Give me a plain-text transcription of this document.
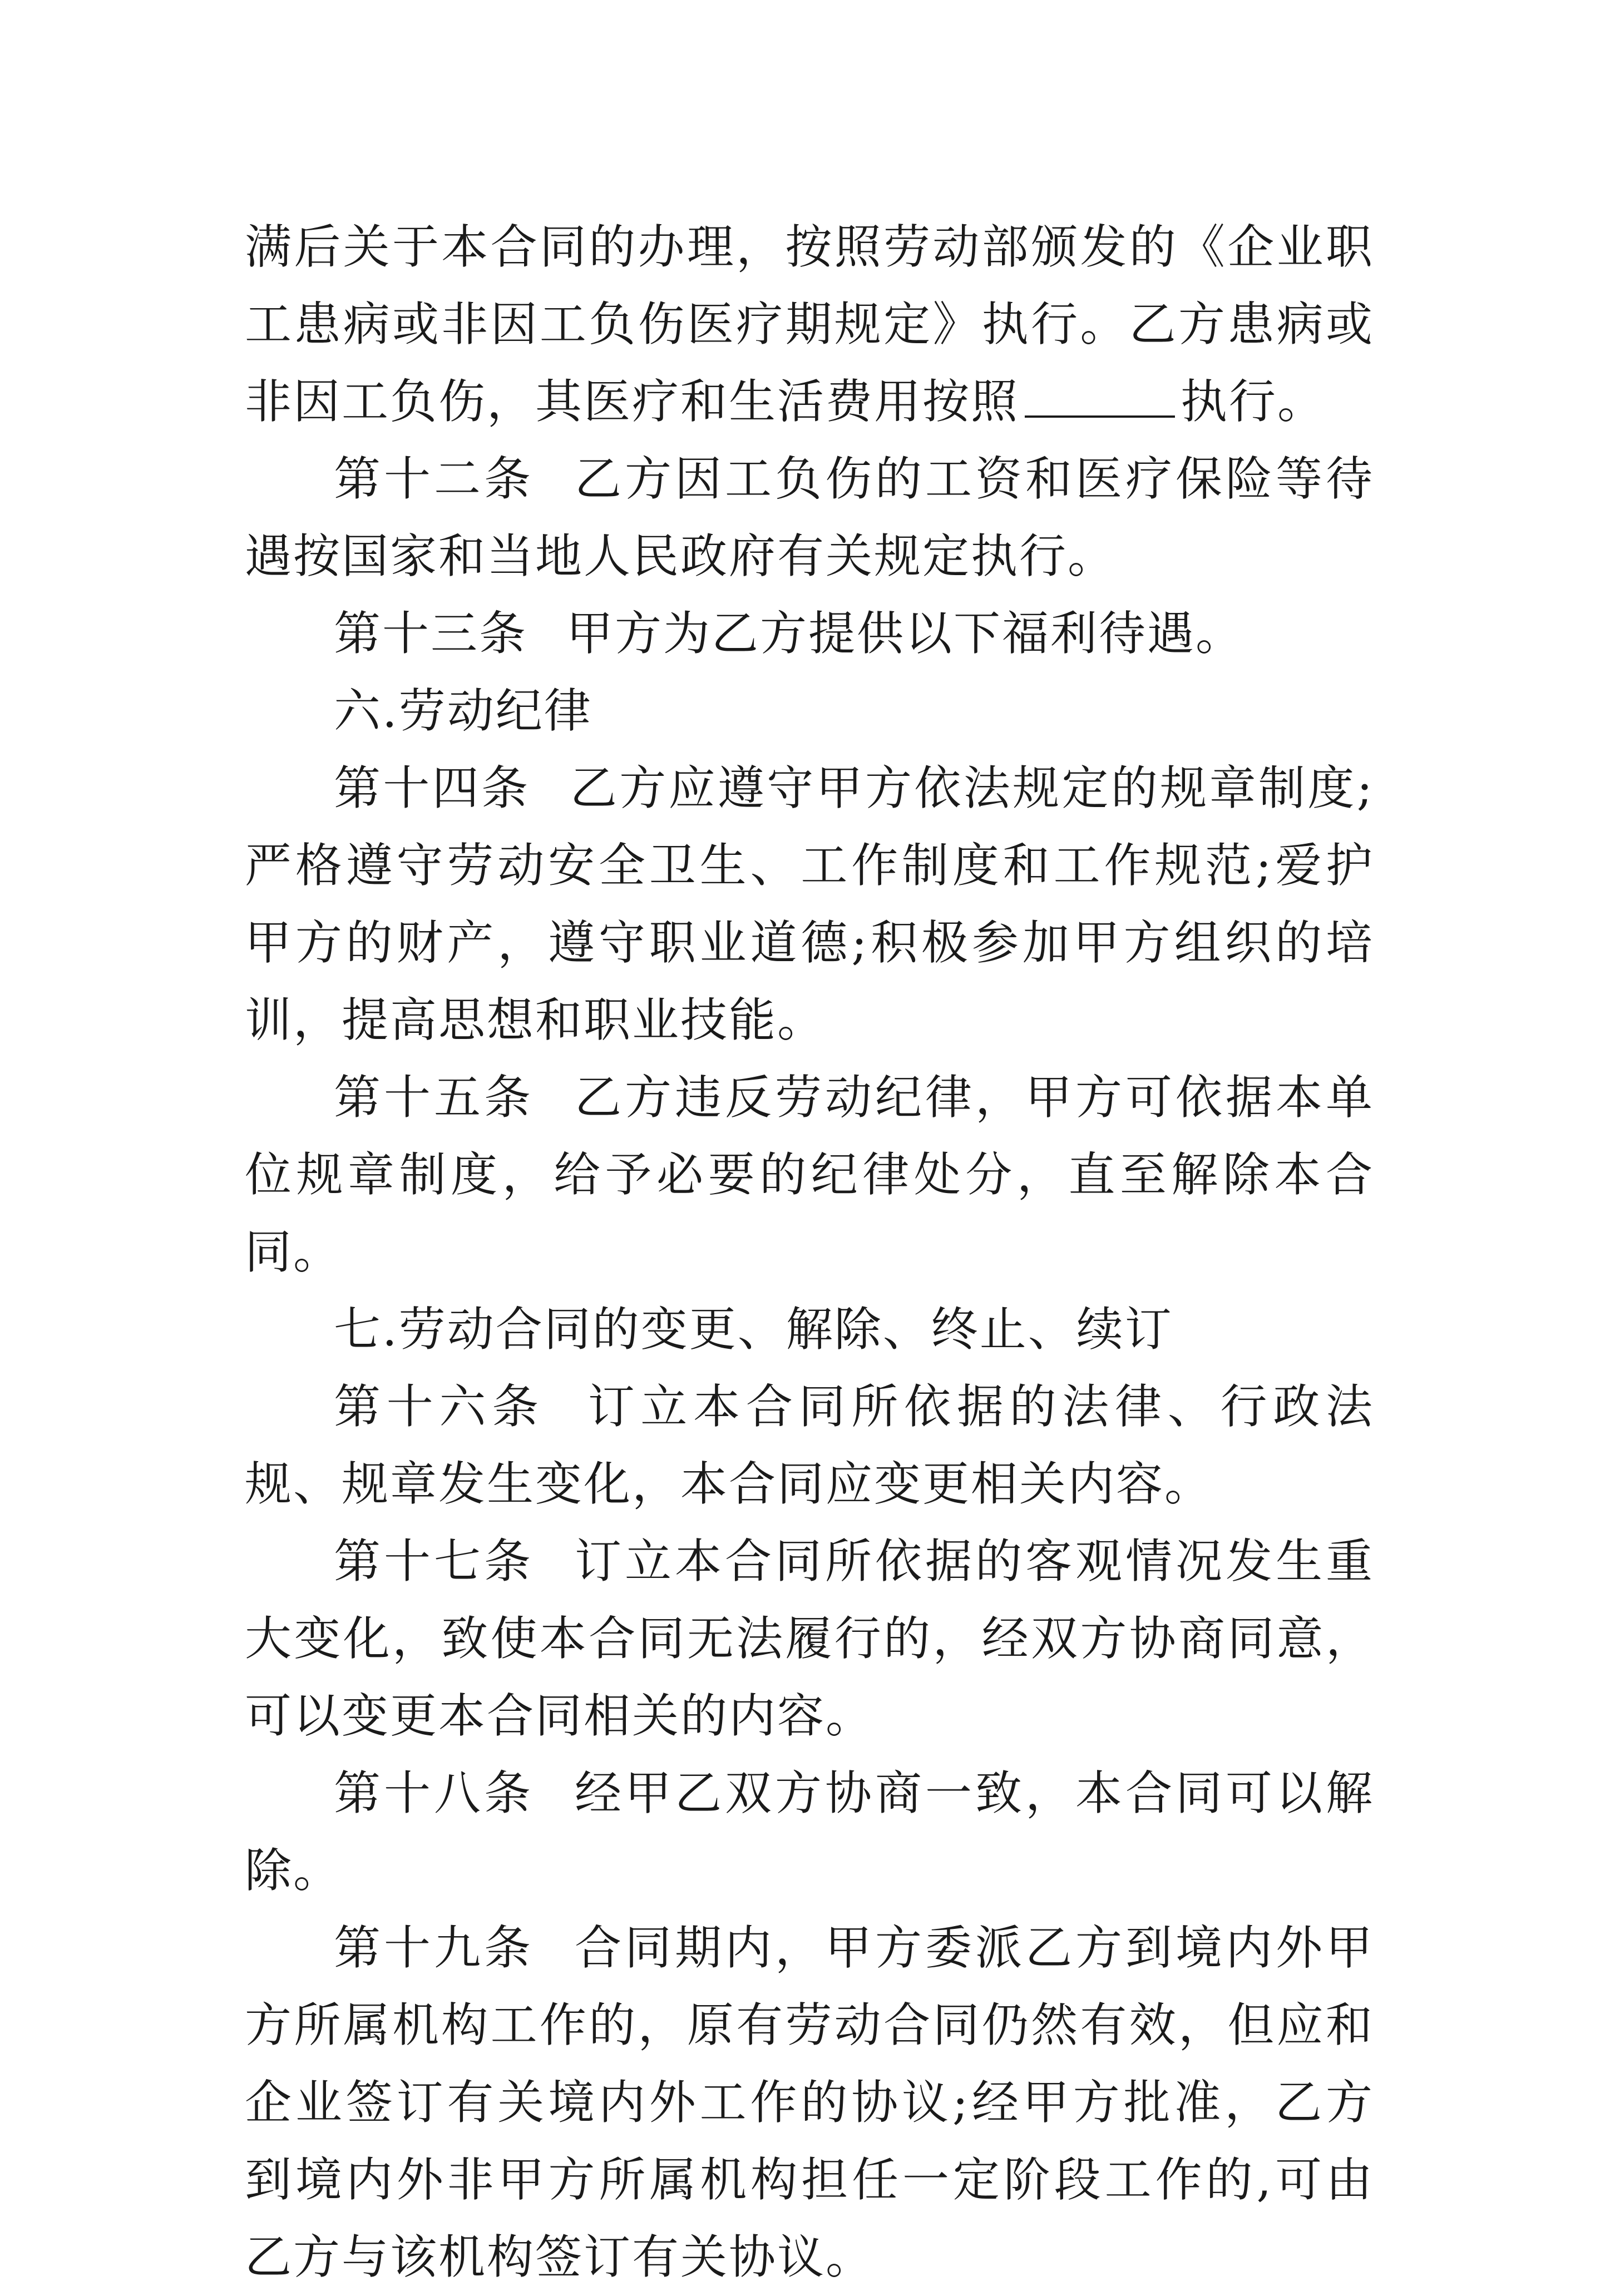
满后关于本合同的办理，按照劳动部颁发的《企业职工患病或非因工负伤医疗期规定》执行。乙方患病或非因工负伤，其医疗和生活费用按照	执行。

第十二条 乙方因工负伤的工资和医疗保险等待遇按国家和当地人民政府有关规定执行。

第十三条 甲方为乙方提供以下福利待遇。

六.劳动纪律

第十四条 乙方应遵守甲方依法规定的规章制度;严格遵守劳动安全卫生、工作制度和工作规范;爱护甲方的财产，遵守职业道德;积极参加甲方组织的培训，提高思想和职业技能。

第十五条 乙方违反劳动纪律，甲方可依据本单位规章制度，给予必要的纪律处分，直至解除本合同。

七.劳动合同的变更、解除、终止、续订

第十六条 订立本合同所依据的法律、行政法规、规章发生变化，本合同应变更相关内容。

第十七条 订立本合同所依据的客观情况发生重大变化，致使本合同无法履行的，经双方协商同意，可以变更本合同相关的内容。

第十八条 经甲乙双方协商一致，本合同可以解除。

第十九条 合同期内，甲方委派乙方到境内外甲方所属机构工作的，原有劳动合同仍然有效，但应和企业签订有关境内外工作的协议;经甲方批准，乙方到境内外非甲方所属机构担任一定阶段工作的,可由乙方与该机构签订有关协议。
